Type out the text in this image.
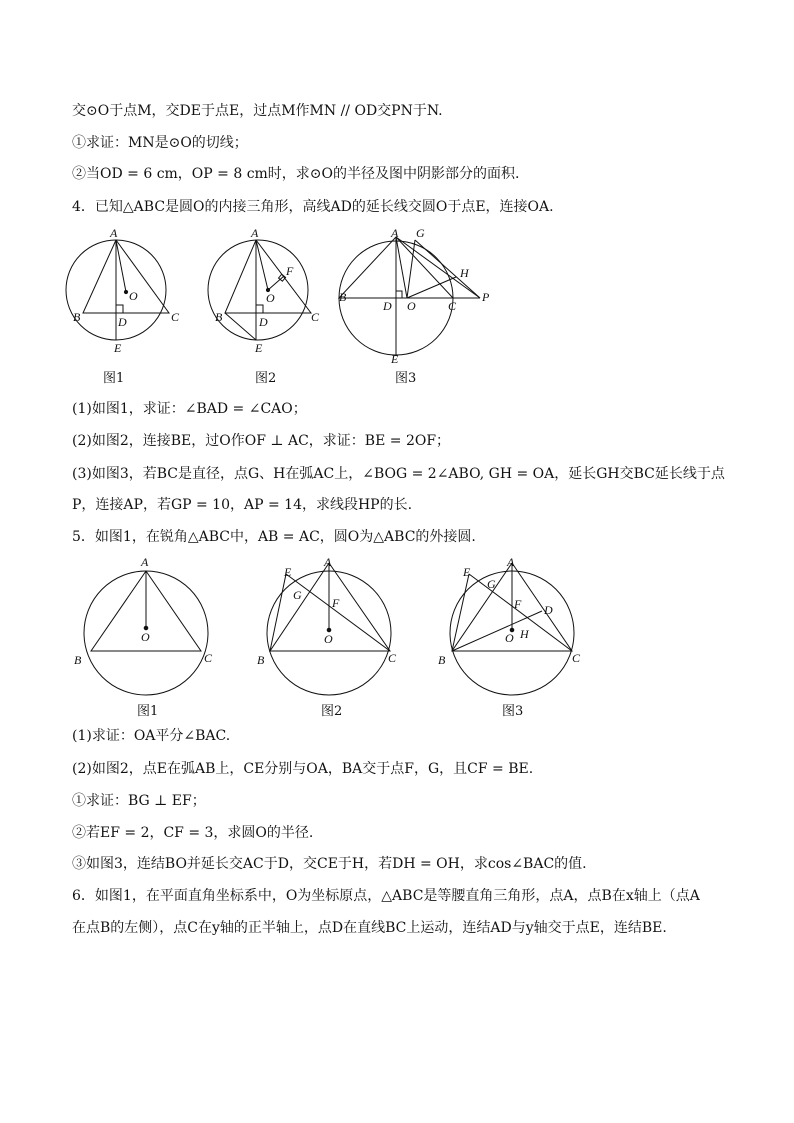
交⊙O于点M，交DE于点E，过点M作MN // OD交PN于N.
①求证：MN是⊙O的切线；
②当OD = 6 cm，OP = 8 cm时，求⊙O的半径及图中阴影部分的面积.
4．已知△ABC是圆O的内接三角形，高线AD的延长线交圆O于点E，连接OA.
A
B	C
D
E
O
图1
A
B	C
D
E
O
F
图2
A G
H
B	P
D O	C
E
图3
(1)如图1，求证：∠BAD = ∠CAO；
(2)如图2，连接BE，过O作OF ⊥ AC，求证：BE = 2OF；
(3)如图3，若BC是直径，点G、H在弧AC上，∠BOG = 2∠ABO, GH = OA，延长GH交BC延长线于点
P，连接AP，若GP = 10，AP = 14，求线段HP的长.
5．如图1，在锐角△ABC中，AB = AC，圆O为△ABC的外接圆.
A
B	C
O
图1
A
E
G
F
O
B	C
图2
A
E
G
F D
H
O
B	C
图3
(1)求证：OA平分∠BAC.
(2)如图2，点E在弧AB上，CE分别与OA，BA交于点F，G，且CF = BE.
①求证：BG ⊥ EF；
②若EF = 2，CF = 3，求圆O的半径.
③如图3，连结BO并延长交AC于D，交CE于H，若DH = OH，求cos∠BAC的值.
6．如图1，在平面直角坐标系中，O为坐标原点，△ABC是等腰直角三角形，点A，点B在x轴上（点A
在点B的左侧），点C在y轴的正半轴上，点D在直线BC上运动，连结AD与y轴交于点E，连结BE.
